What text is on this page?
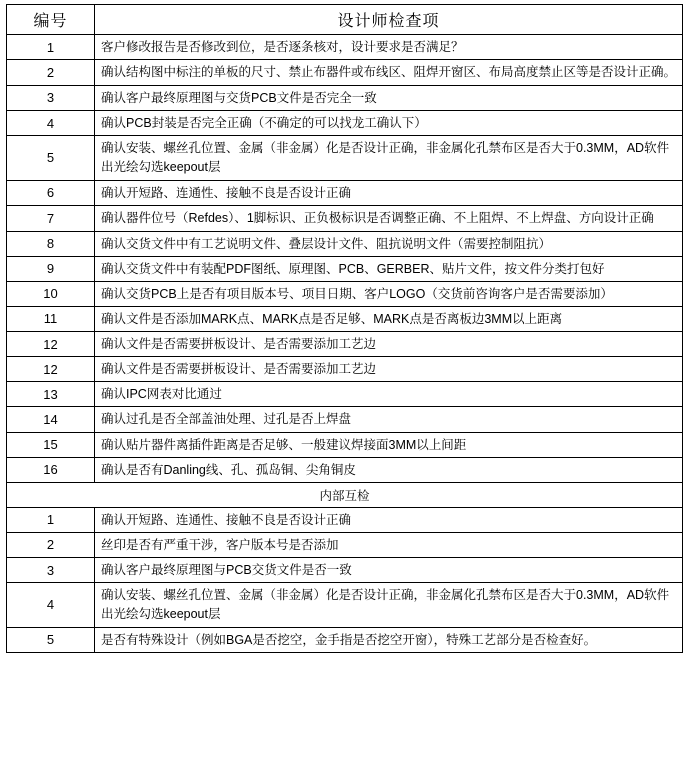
编号	设计师检查项
1	客户修改报告是否修改到位，是否逐条核对，设计要求是否满足？
2	确认结构图中标注的单板的尺寸、禁止布器件或布线区、阻焊开窗区、布局高度禁止区等是否设计正确。
3	确认客户最终原理图与交货PCB文件是否完全一致
4	确认PCB封装是否完全正确（不确定的可以找龙工确认下）
5	确认安装、螺丝孔位置、金属（非金属）化是否设计正确，非金属化孔禁布区是否大于0.3MM，AD软件出光绘勾选keepout层
6	确认开短路、连通性、接触不良是否设计正确
7	确认器件位号（Refdes）、1脚标识、正负极标识是否调整正确、不上阻焊、不上焊盘、方向设计正确
8	确认交货文件中有工艺说明文件、叠层设计文件、阻抗说明文件（需要控制阻抗）
9	确认交货文件中有装配PDF图纸、原理图、PCB、GERBER、贴片文件，按文件分类打包好
10	确认交货PCB上是否有项目版本号、项目日期、客户LOGO（交货前咨询客户是否需要添加）
11	确认文件是否添加MARK点、MARK点是否足够、MARK点是否离板边3MM以上距离
12	确认文件是否需要拼板设计、是否需要添加工艺边
12	确认文件是否需要拼板设计、是否需要添加工艺边
13	确认IPC网表对比通过
14	确认过孔是否全部盖油处理、过孔是否上焊盘
15	确认贴片器件离插件距离是否足够、一般建议焊接面3MM以上间距
16	确认是否有Danling线、孔、孤岛铜、尖角铜皮
内部互检	
1	确认开短路、连通性、接触不良是否设计正确
2	丝印是否有严重干涉，客户版本号是否添加
3	确认客户最终原理图与PCB交货文件是否一致
4	确认安装、螺丝孔位置、金属（非金属）化是否设计正确，非金属化孔禁布区是否大于0.3MM，AD软件出光绘勾选keepout层
5	是否有特殊设计（例如BGA是否挖空，金手指是否挖空开窗），特殊工艺部分是否检查好。
